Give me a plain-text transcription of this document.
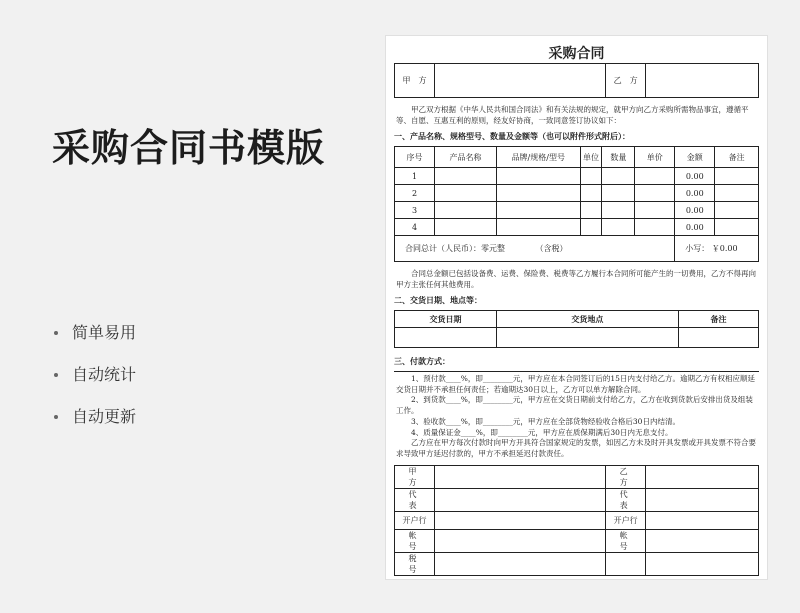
采购合同书模版
简单易用
自动统计
自动更新
采购合同
甲　方		乙　方	

甲乙双方根据《中华人民共和国合同法》和有关法规的规定，就甲方向乙方采购所需物品事宜，遵循平等、自愿、互惠互利的原则，经友好协商，一致同意签订协议如下：

一、产品名称、规格型号、数量及金额等（也可以附件形式附后）：
序号	产品名称	品牌/规格/型号	单位	数量	单价	金额	备注
1						0.00	
2						0.00	
3						0.00	
4						0.00	
合同总计（人民币）：零元整 （含税）						小写： ￥0.00	

合同总金额已包括设备费、运费、保险费、税费等乙方履行本合同所可能产生的一切费用，乙方不得再向甲方主张任何其他费用。

二、交货日期、地点等：
交货日期	交货地点	备注

三、付款方式：

1、预付款____%，即________元，甲方应在本合同签订后的15日内支付给乙方。逾期乙方有权相应顺延交货日期并不承担任何责任；若逾期达30日以上，乙方可以单方解除合同。

2、到货款____%，即________元，甲方应在交货日期前支付给乙方，乙方在收到货款后安排出货及组装工作。

3、验收款____%，即________元，甲方应在全部货物经验收合格后30日内结清。

4、质量保证金____%，即________元，甲方应在质保期满后30日内无息支付。

乙方应在甲方每次付款时向甲方开具符合国家规定的发票，如因乙方未及时开具发票或开具发票不符合要求导致甲方延迟付款的，甲方不承担延迟付款责任。

甲　方		乙　方	
代　表		代　表	
开户行		开户行	
帐　号		帐　号	
税　号			
